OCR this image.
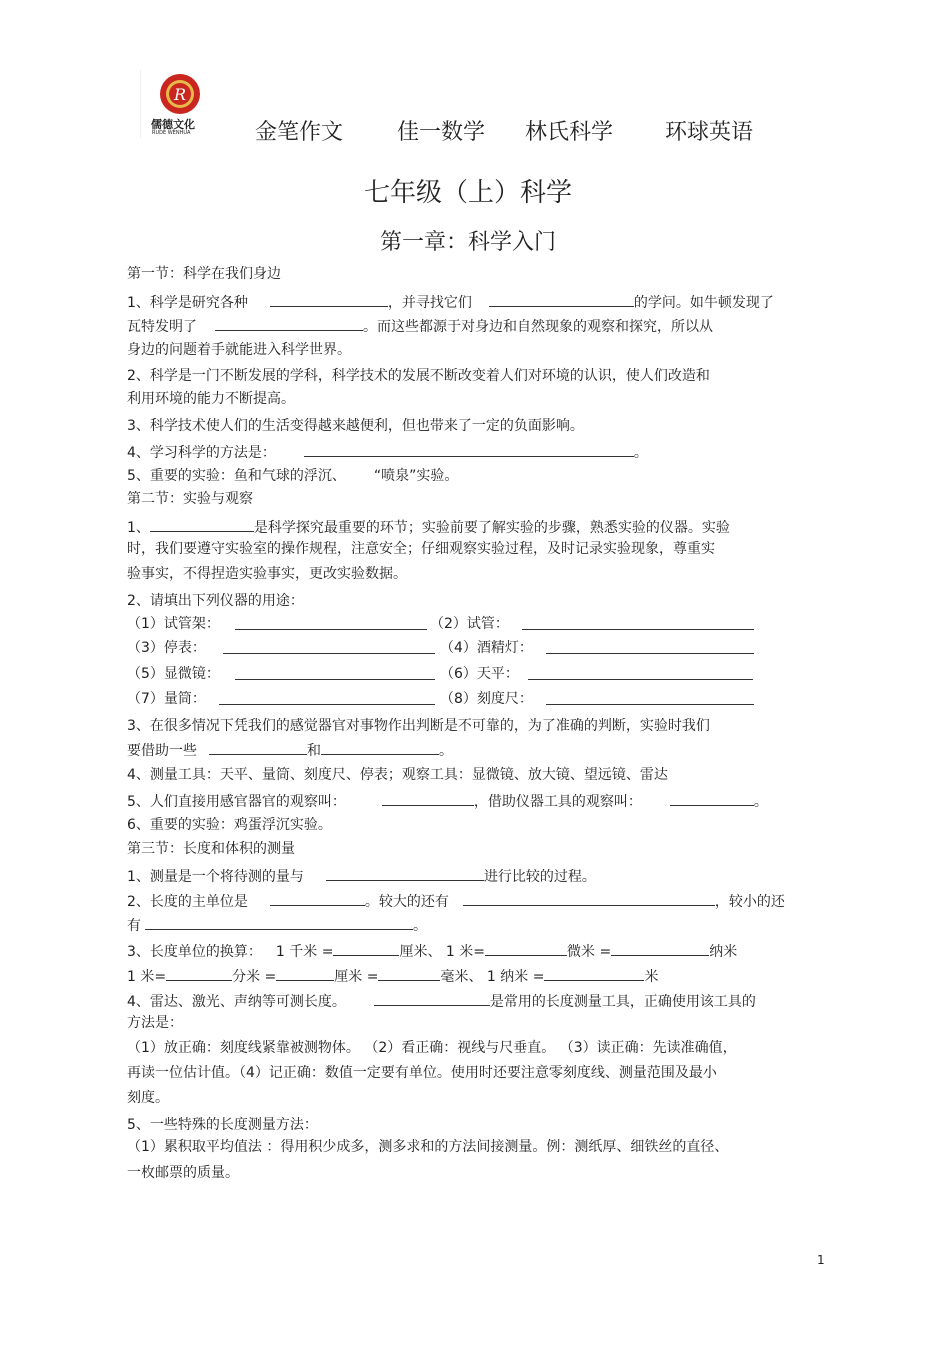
R
儒德文化
RUDE WENHUA	金笔作文 佳一数学 林氏科学 环球英语
七年级（上）科学
第一章：科学入门
第一节：科学在我们身边
1、科学是研究各种	，并寻找它们	的学问。如牛顿发现了
瓦特发明了	。而这些都源于对身边和自然现象的观察和探究，所以从
身边的问题着手就能进入科学世界。
2、科学是一门不断发展的学科，科学技术的发展不断改变着人们对环境的认识，使人们改造和
利用环境的能力不断提高。
3、科学技术使人们的生活变得越来越便利，但也带来了一定的负面影响。
4、学习科学的方法是：	。
5、重要的实验：鱼和气球的浮沉、 “喷泉”实验。
第二节：实验与观察
1、	是科学探究最重要的环节；实验前要了解实验的步骤，熟悉实验的仪器。实验
时，我们要遵守实验室的操作规程，注意安全；仔细观察实验过程，及时记录实验现象，尊重实
验事实，不得捏造实验事实，更改实验数据。
2、请填出下列仪器的用途：
（1）试管架：	（2）试管：
（3）停表：	（4）酒精灯：
（5）显微镜：	（6）天平：
（7）量筒：	（8）刻度尺：
3、在很多情况下凭我们的感觉器官对事物作出判断是不可靠的，为了准确的判断，实验时我们
要借助一些	和	。
4、测量工具：天平、量筒、刻度尺、停表；观察工具：显微镜、放大镜、望远镜、雷达
5、人们直接用感官器官的观察叫：	，借助仪器工具的观察叫：	。
6、重要的实验：鸡蛋浮沉实验。
第三节：长度和体积的测量
1、测量是一个将待测的量与	进行比较的过程。
2、长度的主单位是	。较大的还有	，较小的还
有	。
3、长度单位的换算： 1 千米 =	厘米、 1 米=	微米 =	纳米
1 米=	分米 =	厘米 =	毫米、 1 纳米 =	米
4、雷达、激光、声纳等可测长度。	是常用的长度测量工具，正确使用该工具的
方法是：
（1）放正确：刻度线紧靠被测物体。 （2）看正确：视线与尺垂直。 （3）读正确：先读准确值，
再读一位估计值。（4）记正确：数值一定要有单位。使用时还要注意零刻度线、测量范围及最小
刻度。
5、一些特殊的长度测量方法：
（1）累积取平均值法 ：得用积少成多，测多求和的方法间接测量。例：测纸厚、细铁丝的直径、
一枚邮票的质量。
1
